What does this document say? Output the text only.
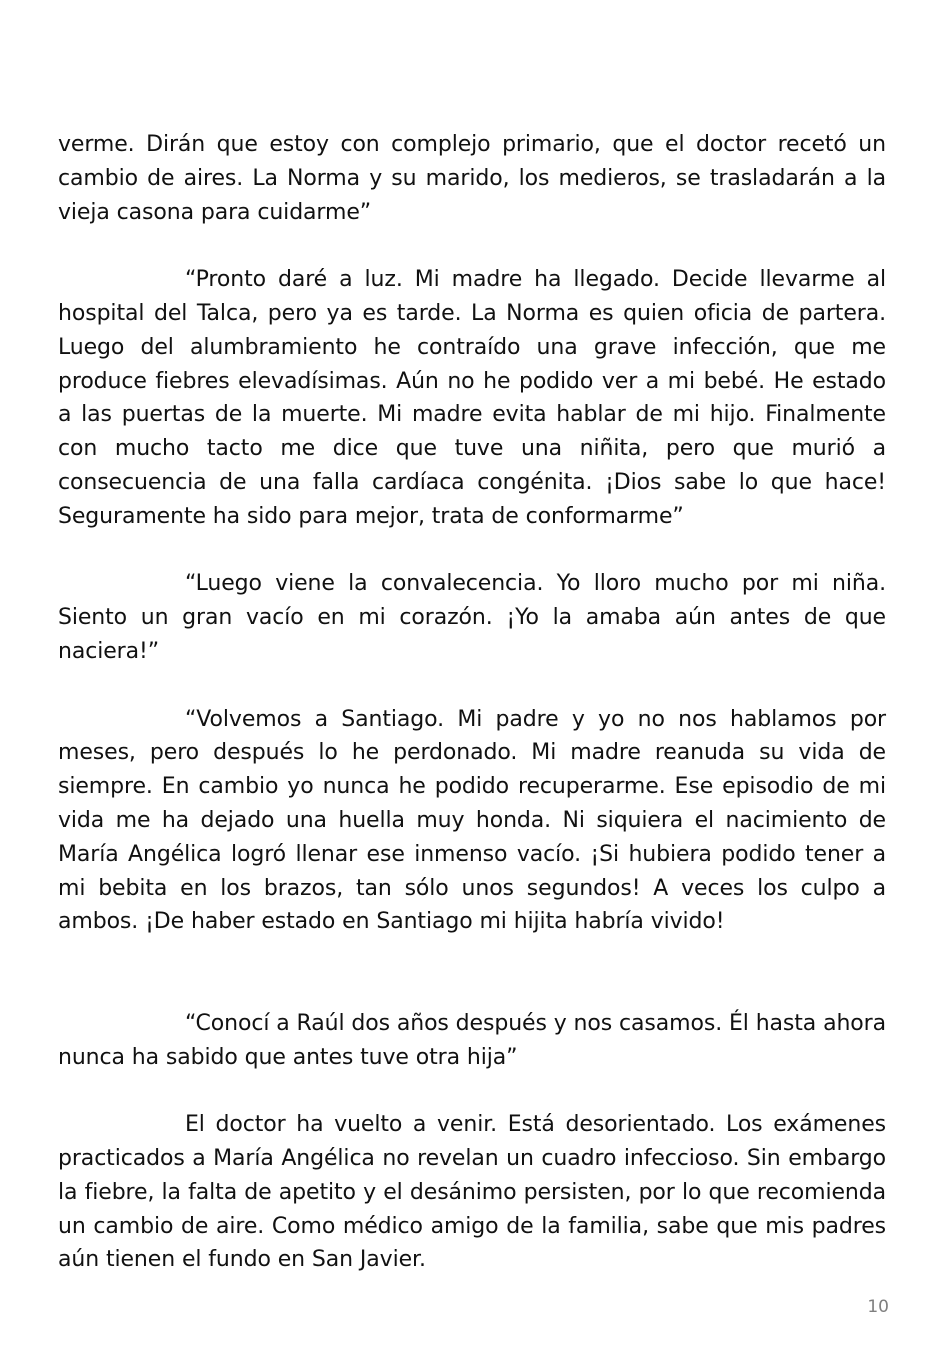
verme. Dirán que estoy con complejo primario, que el doctor recetó un cambio de aires. La Norma y su marido, los medieros, se trasladarán a la vieja casona para cuidarme”

“Pronto daré a luz. Mi madre ha llegado. Decide llevarme al hospital del Talca, pero ya es tarde. La Norma es quien oficia de partera. Luego del alumbramiento he contraído una grave infección, que me produce fiebres elevadísimas. Aún no he podido ver a mi bebé. He estado a las puertas de la muerte. Mi madre evita hablar de mi hijo. Finalmente con mucho tacto me dice que tuve una niñita, pero que murió a consecuencia de una falla cardíaca congénita. ¡Dios sabe lo que hace! Seguramente ha sido para mejor, trata de conformarme”

“Luego viene la convalecencia. Yo lloro mucho por mi niña. Siento un gran vacío en mi corazón. ¡Yo la amaba aún antes de que naciera!”

“Volvemos a Santiago. Mi padre y yo no nos hablamos por meses, pero después lo he perdonado. Mi madre reanuda su vida de siempre. En cambio yo nunca he podido recuperarme. Ese episodio de mi vida me ha dejado una huella muy honda. Ni siquiera el nacimiento de María Angélica logró llenar ese inmenso vacío. ¡Si hubiera podido tener a mi bebita en los brazos, tan sólo unos segundos! A veces los culpo a ambos. ¡De haber estado en Santiago mi hijita habría vivido!

“Conocí a Raúl dos años después y nos casamos. Él hasta ahora nunca ha sabido que antes tuve otra hija”

El doctor ha vuelto a venir. Está desorientado. Los exámenes practicados a María Angélica no revelan un cuadro infeccioso. Sin embargo la fiebre, la falta de apetito y el desánimo persisten, por lo que recomienda un cambio de aire. Como médico amigo de la familia, sabe que mis padres aún tienen el fundo en San Javier.

10
